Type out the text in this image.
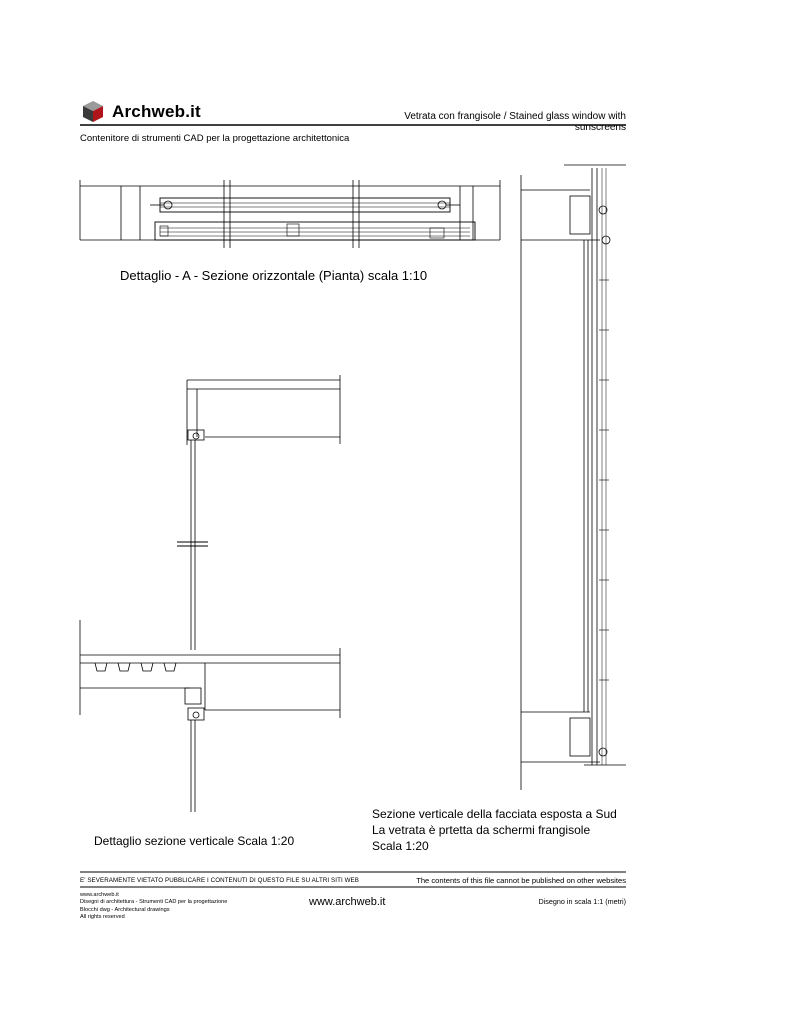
Archweb.it	Vetrata con frangisole / Stained glass window with sunscreens
Contenitore di strumenti CAD per la progettazione architettonica
Dettaglio - A - Sezione orizzontale (Pianta) scala 1:10
Dettaglio sezione verticale Scala 1:20
Sezione verticale della facciata esposta a Sud
La vetrata è prtetta da schermi frangisole
Scala 1:20
E' SEVERAMENTE VIETATO PUBBLICARE I CONTENUTI DI QUESTO FILE SU ALTRI SITI WEB	The contents of this file cannot be published on other websites
www.archweb.it
Disegni di architettura - Strumenti CAD per la progettazione
Blocchi dwg - Architectural drawings
All rights reserved
www.archweb.it	Disegno in scala 1:1 (metri)
